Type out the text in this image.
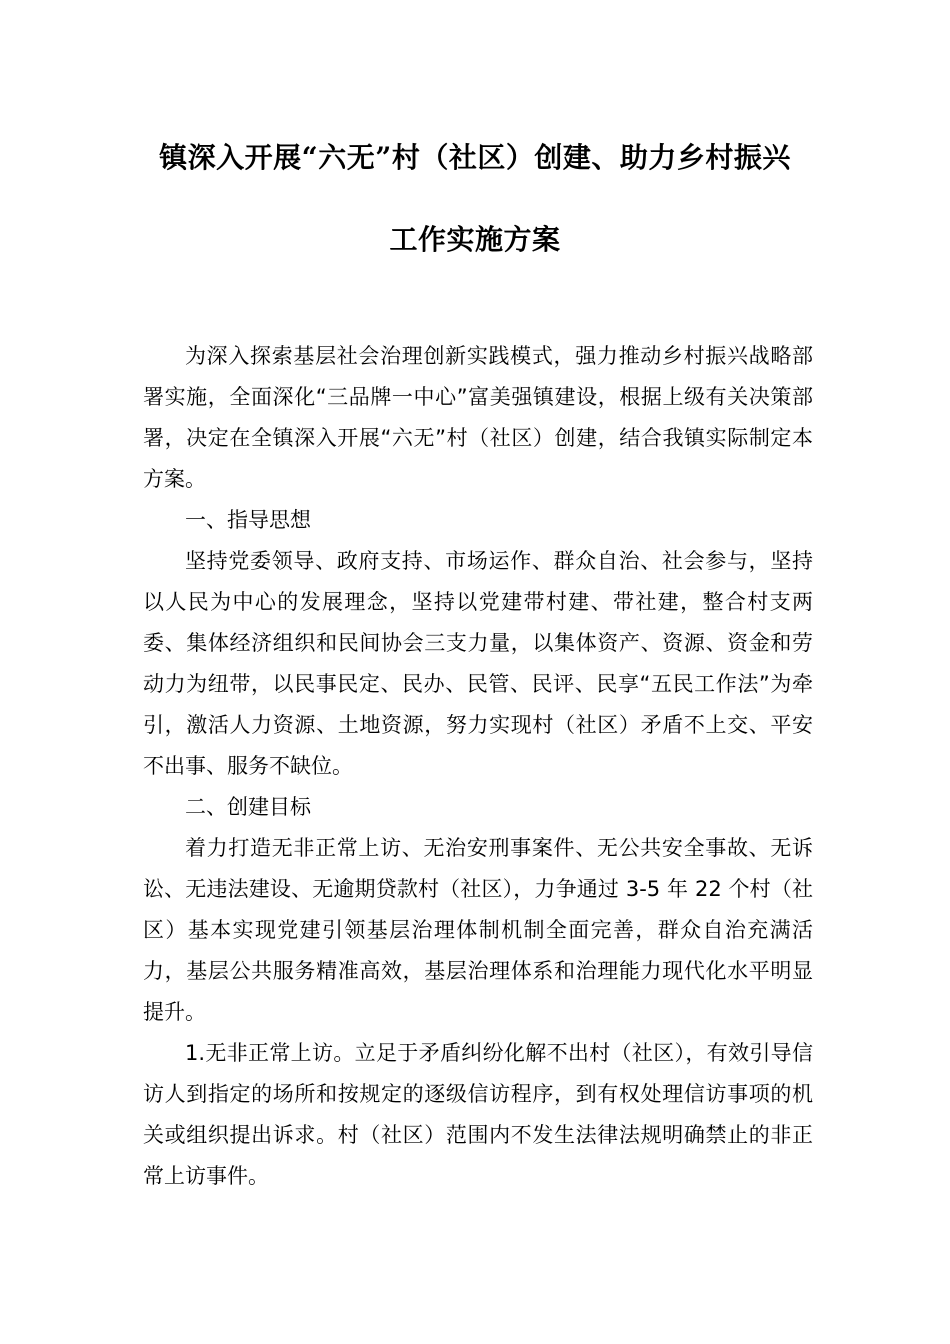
镇深入开展“六无”村（社区）创建、助力乡村振兴
工作实施方案

为深入探索基层社会治理创新实践模式，强力推动乡村振兴战略部署实施，全面深化“三品牌一中心”富美强镇建设，根据上级有关决策部署，决定在全镇深入开展“六无”村（社区）创建，结合我镇实际制定本方案。

一、指导思想

坚持党委领导、政府支持、市场运作、群众自治、社会参与，坚持以人民为中心的发展理念，坚持以党建带村建、带社建，整合村支两委、集体经济组织和民间协会三支力量，以集体资产、资源、资金和劳动力为纽带，以民事民定、民办、民管、民评、民享“五民工作法”为牵引，激活人力资源、土地资源，努力实现村（社区）矛盾不上交、平安不出事、服务不缺位。

二、创建目标

着力打造无非正常上访、无治安刑事案件、无公共安全事故、无诉讼、无违法建设、无逾期贷款村（社区），力争通过 3-5 年 22 个村（社区）基本实现党建引领基层治理体制机制全面完善，群众自治充满活力，基层公共服务精准高效，基层治理体系和治理能力现代化水平明显提升。

1.无非正常上访。立足于矛盾纠纷化解不出村（社区），有效引导信访人到指定的场所和按规定的逐级信访程序，到有权处理信访事项的机关或组织提出诉求。村（社区）范围内不发生法律法规明确禁止的非正常上访事件。
